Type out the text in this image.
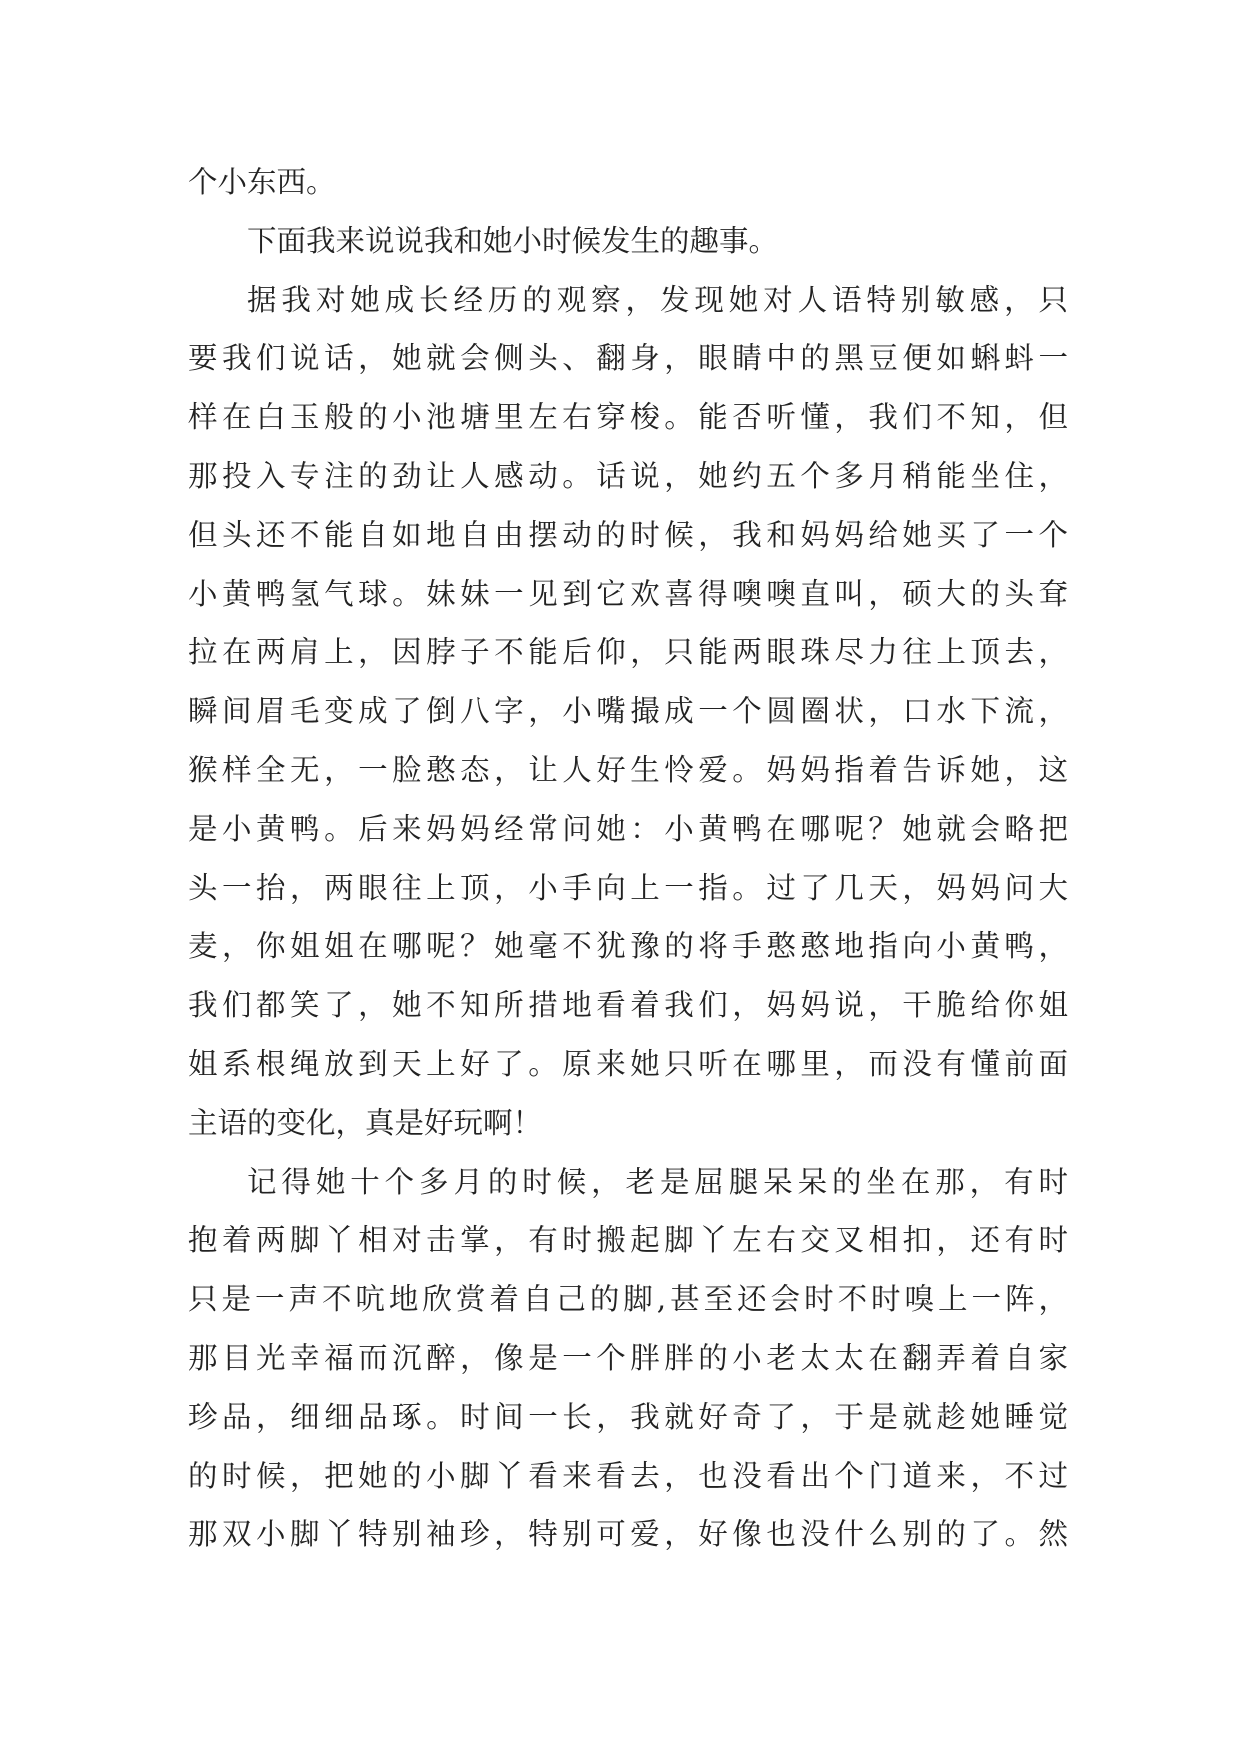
个小东西。
下面我来说说我和她小时候发生的趣事。
据我对她成长经历的观察，发现她对人语特别敏感，只
要我们说话，她就会侧头、翻身，眼睛中的黑豆便如蝌蚪一
样在白玉般的小池塘里左右穿梭。能否听懂，我们不知，但
那投入专注的劲让人感动。话说，她约五个多月稍能坐住，
但头还不能自如地自由摆动的时候，我和妈妈给她买了一个
小黄鸭氢气球。妹妹一见到它欢喜得噢噢直叫，硕大的头耷
拉在两肩上，因脖子不能后仰，只能两眼珠尽力往上顶去，
瞬间眉毛变成了倒八字，小嘴撮成一个圆圈状，口水下流，
猴样全无，一脸憨态，让人好生怜爱。妈妈指着告诉她，这
是小黄鸭。后来妈妈经常问她：小黄鸭在哪呢？她就会略把
头一抬，两眼往上顶，小手向上一指。过了几天，妈妈问大
麦，你姐姐在哪呢？她毫不犹豫的将手憨憨地指向小黄鸭，
我们都笑了，她不知所措地看着我们，妈妈说，干脆给你姐
姐系根绳放到天上好了。原来她只听在哪里，而没有懂前面
主语的变化，真是好玩啊！
记得她十个多月的时候，老是屈腿呆呆的坐在那，有时
抱着两脚丫相对击掌，有时搬起脚丫左右交叉相扣，还有时
只是一声不吭地欣赏着自己的脚,甚至还会时不时嗅上一阵，
那目光幸福而沉醉，像是一个胖胖的小老太太在翻弄着自家
珍品，细细品琢。时间一长，我就好奇了，于是就趁她睡觉
的时候，把她的小脚丫看来看去，也没看出个门道来，不过
那双小脚丫特别袖珍，特别可爱，好像也没什么别的了。然
